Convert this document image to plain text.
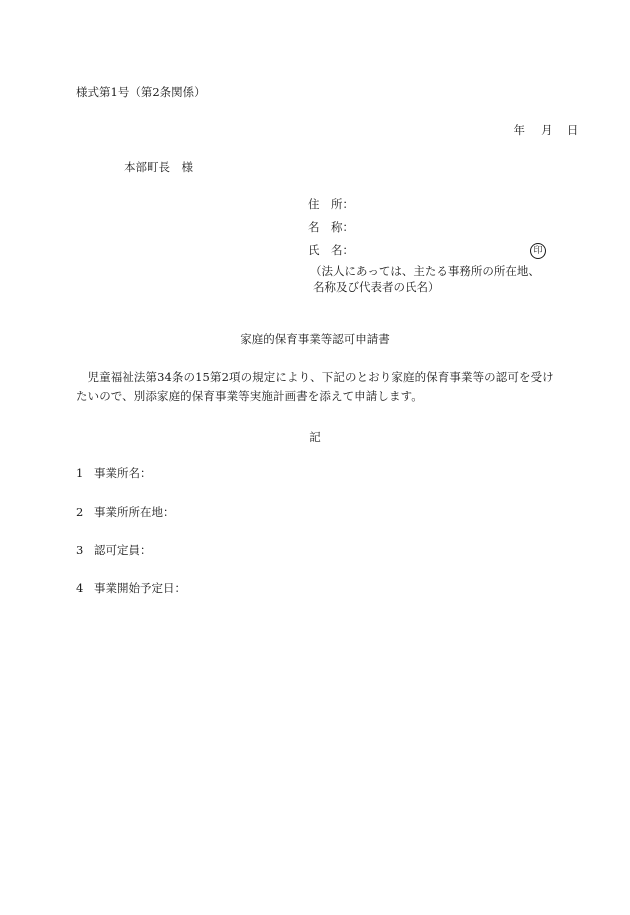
様式第1号（第2条関係）
年 月 日
本部町長　様
住　所：
名　称：
氏　名：	印
（法人にあっては、主たる事務所の所在地、
名称及び代表者の氏名）
家庭的保育事業等認可申請書
児童福祉法第34条の15第2項の規定により、下記のとおり家庭的保育事業等の認可を受けたいので、別添家庭的保育事業等実施計画書を添えて申請します。
記
1 事業所名：
2 事業所所在地：
3 認可定員：
4 事業開始予定日：
